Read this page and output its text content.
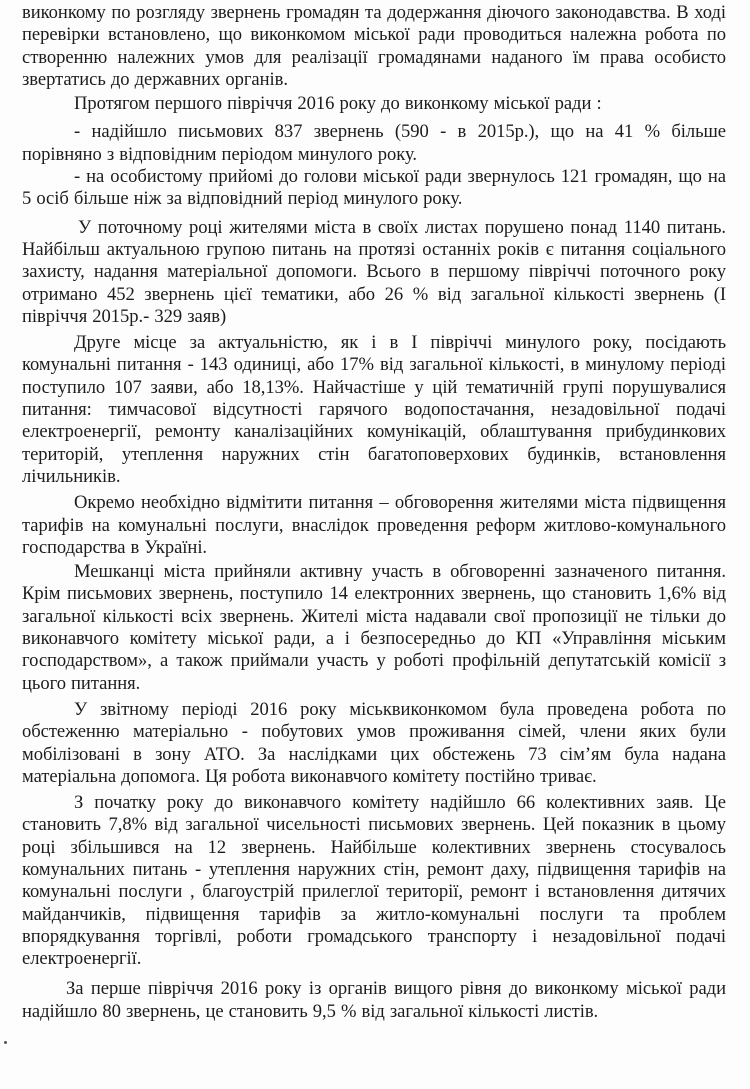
виконкому по розгляду звернень громадян та додержання діючого законодавства. В ході перевірки встановлено, що виконкомом міської ради проводиться належна робота по створенню належних умов для реалізації громадянами наданого їм права особисто звертатись до державних органів.

Протягом першого півріччя 2016 року до виконкому міської ради :

- надійшло письмових 837 звернень (590 - в 2015р.), що на 41 % більше порівняно з відповідним періодом минулого року.

- на особистому прийомі до голови міської ради звернулось 121 громадян, що на 5 осіб більше ніж за відповідний період минулого року.

У поточному році жителями міста в своїх листах порушено понад 1140 питань. Найбільш актуальною групою питань на протязі останніх років є питання соціального захисту, надання матеріальної допомоги. Всього в першому півріччі поточного року отримано 452 звернень цієї тематики, або 26 % від загальної кількості звернень (І півріччя 2015р.- 329 заяв)

Друге місце за актуальністю, як і в І півріччі минулого року, посідають комунальні питання - 143 одиниці, або 17% від загальної кількості, в минулому періоді поступило 107 заяви, або 18,13%. Найчастіше у цій тематичній групі порушувалися питання: тимчасової відсутності гарячого водопостачання, незадовільної подачі електроенергії, ремонту каналізаційних комунікацій, облаштування прибудинкових територій, утеплення наружних стін багатоповерхових будинків, встановлення лічильників.

Окремо необхідно відмітити питання – обговорення жителями міста підвищення тарифів на комунальні послуги, внаслідок проведення реформ житлово-комунального господарства в Україні.

Мешканці міста прийняли активну участь в обговоренні зазначеного питання. Крім письмових звернень, поступило 14 електронних звернень, що становить 1,6% від загальної кількості всіх звернень. Жителі міста надавали свої пропозиції не тільки до виконавчого комітету міської ради, а і безпосередньо до КП «Управління міським господарством», а також приймали участь у роботі профільній депутатській комісії з цього питання.

У звітному періоді 2016 року міськвиконкомом була проведена робота по обстеженню матеріально - побутових умов проживання сімей, члени яких були мобілізовані в зону АТО. За наслідками цих обстежень 73 сім’ям була надана матеріальна допомога. Ця робота виконавчого комітету постійно триває.

З початку року до виконавчого комітету надійшло 66 колективних заяв. Це становить 7,8% від загальної чисельності письмових звернень. Цей показник в цьому році збільшився на 12 звернень. Найбільше колективних звернень стосувалось комунальних питань - утеплення наружних стін, ремонт даху, підвищення тарифів на комунальні послуги , благоустрій прилеглої території, ремонт і встановлення дитячих майданчиків, підвищення тарифів за житло-комунальні послуги та проблем впорядкування торгівлі, роботи громадського транспорту і незадовільної подачі електроенергії.

За перше півріччя 2016 року із органів вищого рівня до виконкому міської ради надійшло 80 звернень, це становить 9,5 % від загальної кількості листів.
